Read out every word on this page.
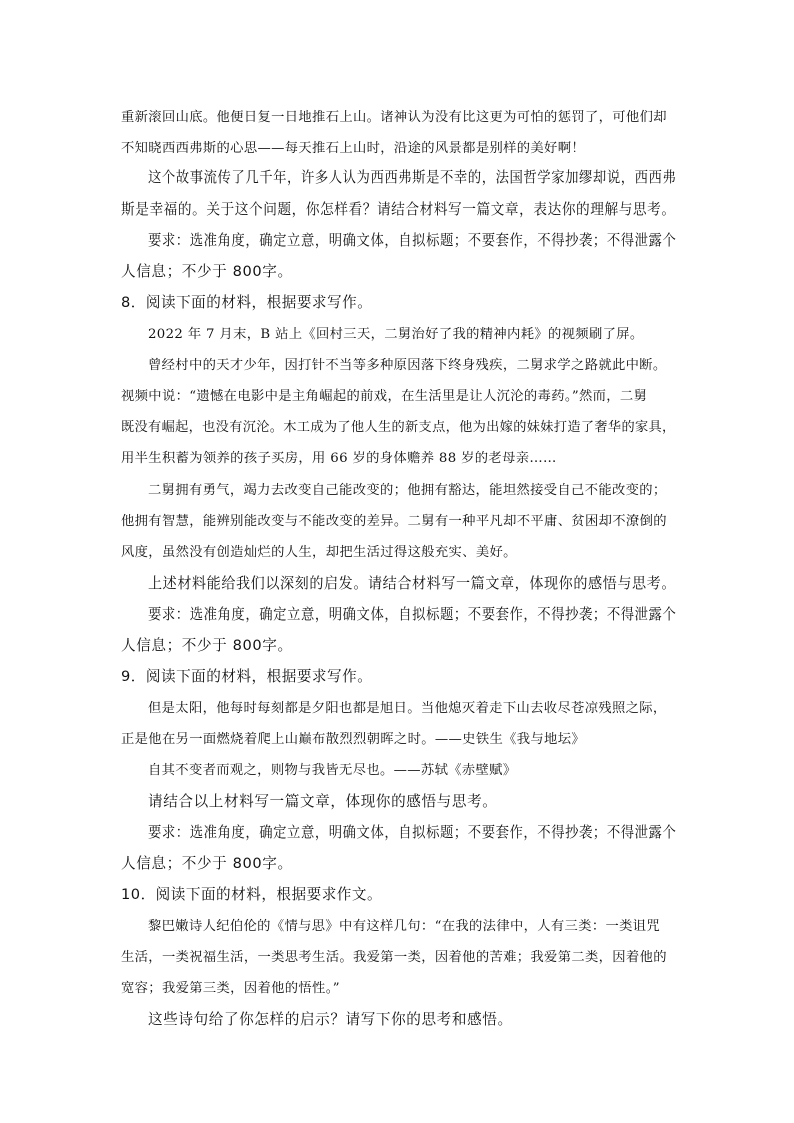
重新滚回山底。他便日复一日地推石上山。诸神认为没有比这更为可怕的惩罚了，可他们却
不知晓西西弗斯的心思——每天推石上山时，沿途的风景都是别样的美好啊！
这个故事流传了几千年，许多人认为西西弗斯是不幸的，法国哲学家加缪却说，西西弗
斯是幸福的。关于这个问题，你怎样看？请结合材料写一篇文章，表达你的理解与思考。
要求：选准角度，确定立意，明确文体，自拟标题；不要套作，不得抄袭；不得泄露个
人信息；不少于 800字。
8．阅读下面的材料，根据要求写作。
2022 年 7 月末，B 站上《回村三天，二舅治好了我的精神内耗》的视频刷了屏。
曾经村中的天才少年，因打针不当等多种原因落下终身残疾，二舅求学之路就此中断。
视频中说：“遗憾在电影中是主角崛起的前戏，在生活里是让人沉沦的毒药。”然而，二舅
既没有崛起，也没有沉沦。木工成为了他人生的新支点，他为出嫁的妹妹打造了奢华的家具，
用半生积蓄为领养的孩子买房，用 66 岁的身体赡养 88 岁的老母亲……
二舅拥有勇气，竭力去改变自己能改变的；他拥有豁达，能坦然接受自己不能改变的；
他拥有智慧，能辨别能改变与不能改变的差异。二舅有一种平凡却不平庸、贫困却不潦倒的
风度，虽然没有创造灿烂的人生，却把生活过得这般充实、美好。
上述材料能给我们以深刻的启发。请结合材料写一篇文章，体现你的感悟与思考。
要求：选准角度，确定立意，明确文体，自拟标题；不要套作，不得抄袭；不得泄露个
人信息；不少于 800字。
9．阅读下面的材料，根据要求写作。
但是太阳，他每时每刻都是夕阳也都是旭日。当他熄灭着走下山去收尽苍凉残照之际，
正是他在另一面燃烧着爬上山巅布散烈烈朝晖之时。——史铁生《我与地坛》
自其不变者而观之，则物与我皆无尽也。——苏轼《赤壁赋》
请结合以上材料写一篇文章，体现你的感悟与思考。
要求：选准角度，确定立意，明确文体，自拟标题；不要套作，不得抄袭；不得泄露个
人信息；不少于 800字。
10．阅读下面的材料，根据要求作文。
黎巴嫩诗人纪伯伦的《情与思》中有这样几句：“在我的法律中，人有三类：一类诅咒
生活，一类祝福生活，一类思考生活。我爱第一类，因着他的苦难；我爱第二类，因着他的
宽容；我爱第三类，因着他的悟性。”
这些诗句给了你怎样的启示？请写下你的思考和感悟。
